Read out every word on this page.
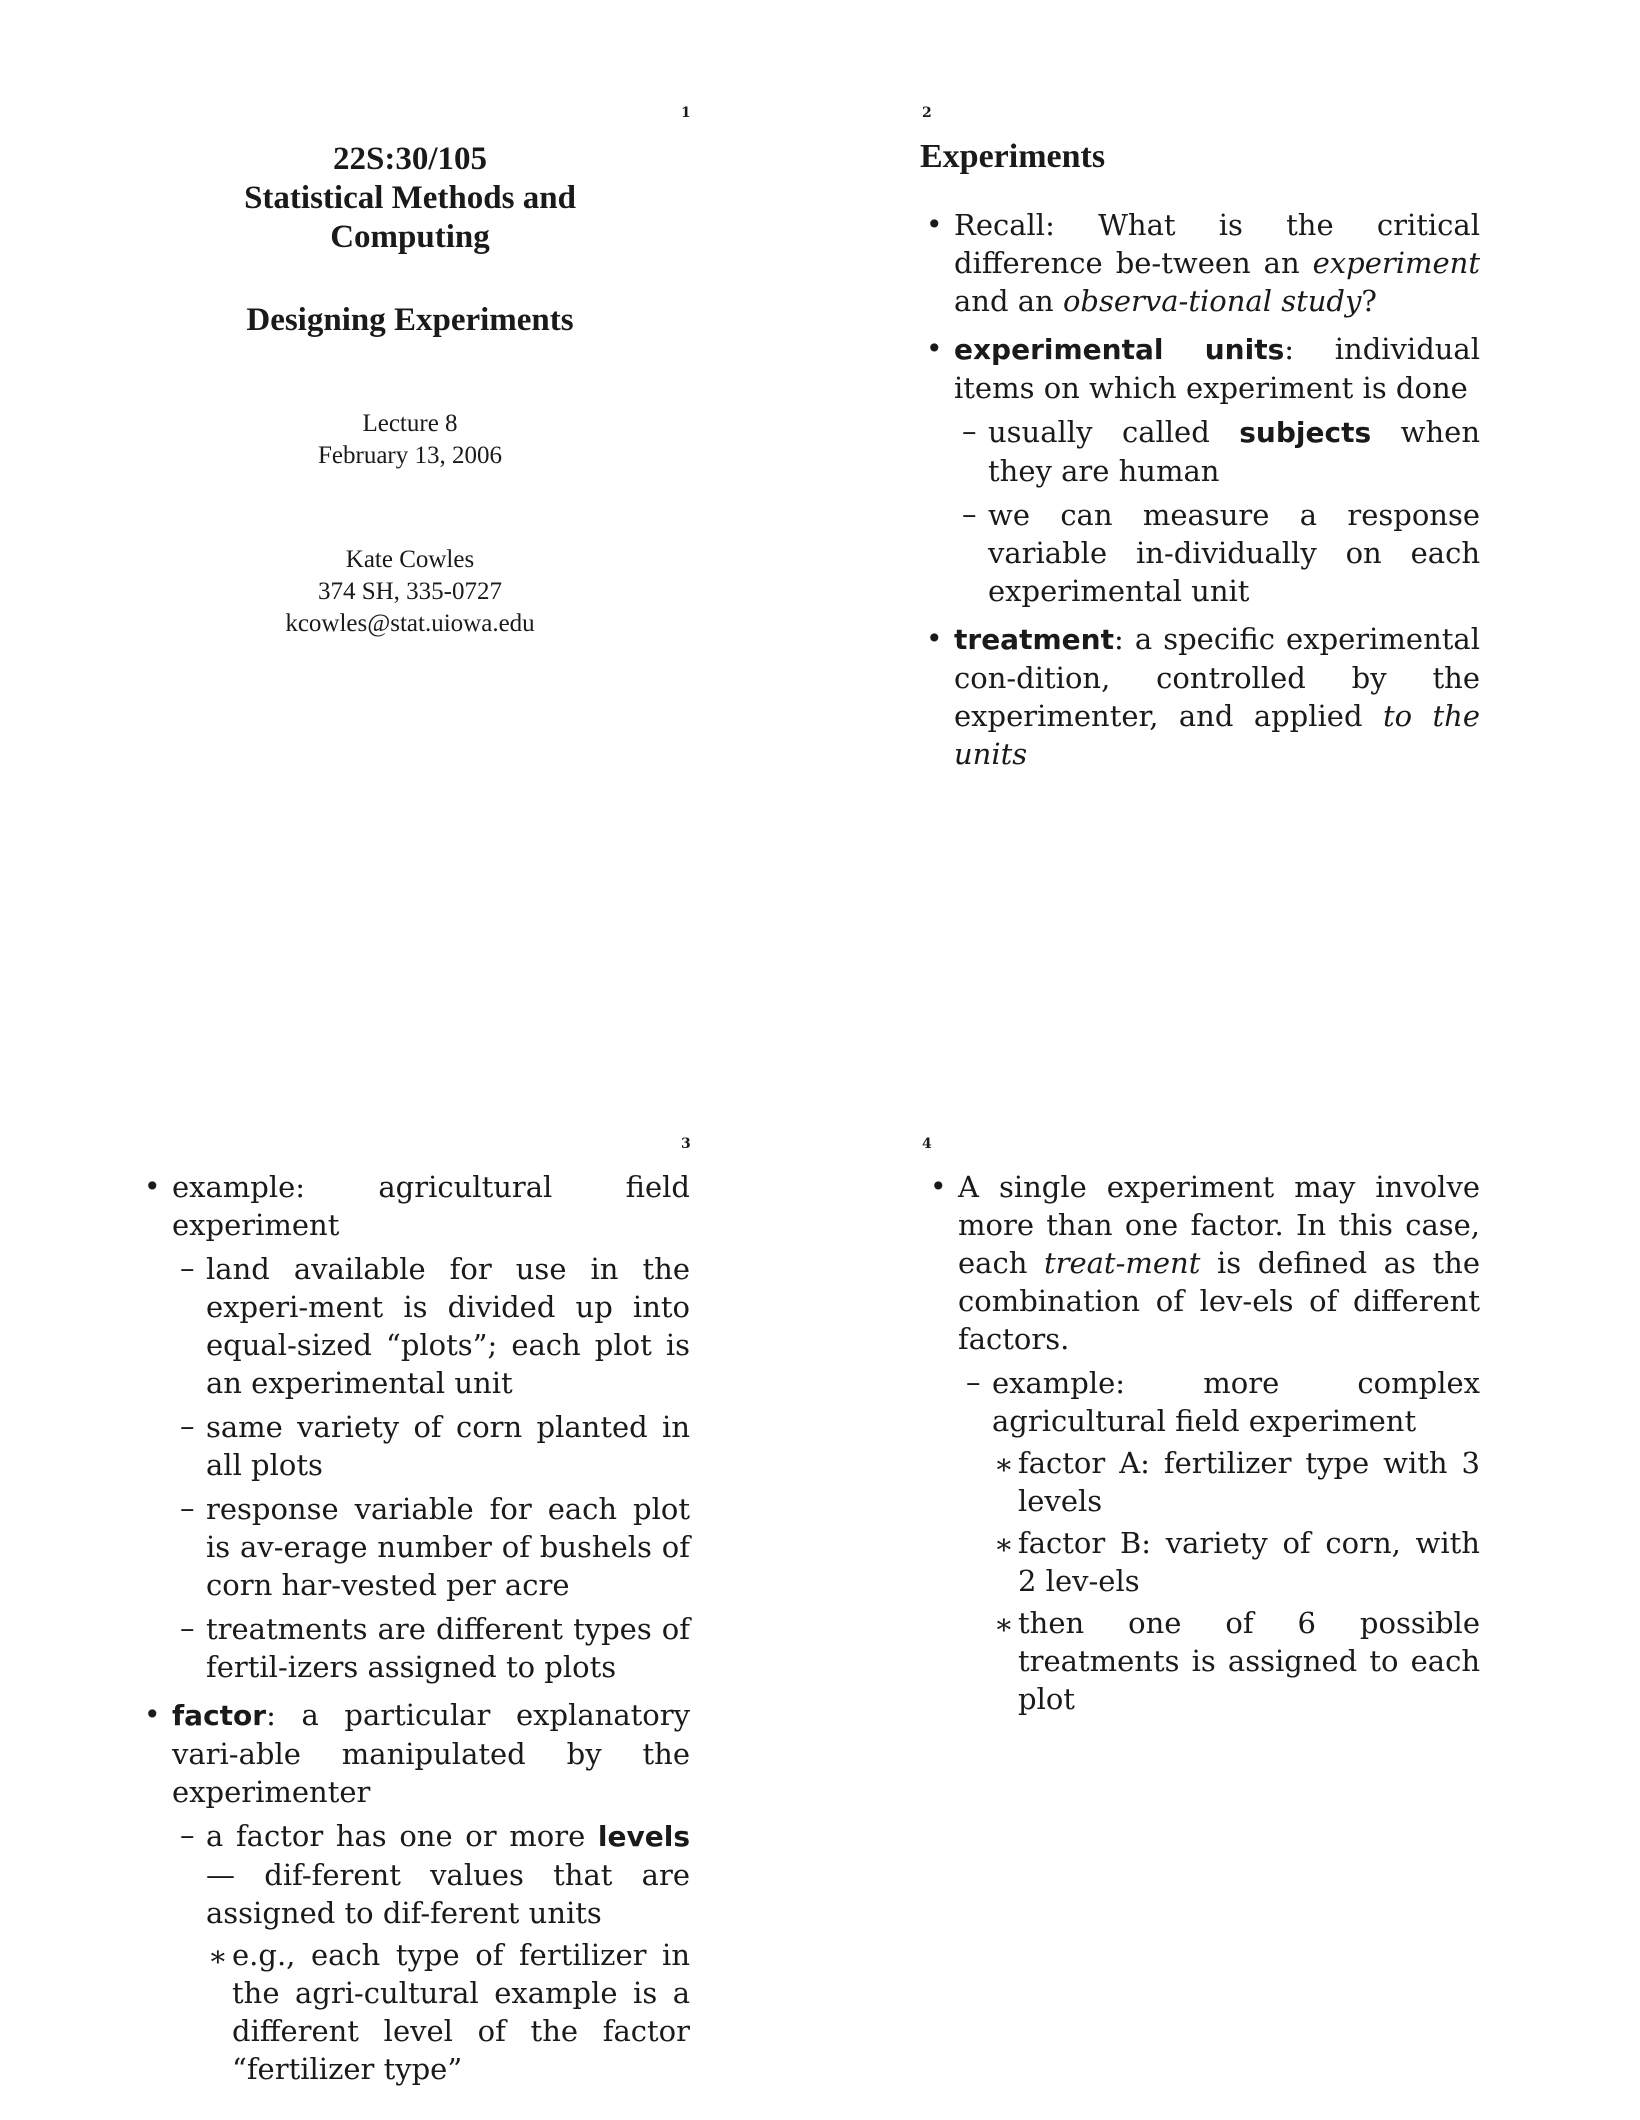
1	2
3	4
22S:30/105
Statistical Methods and
Computing
Designing Experiments
Lecture 8
February 13, 2006
Kate Cowles
374 SH, 335-0727
kcowles@stat.uiowa.edu
Experiments
• Recall: What is the critical difference be-tween an experiment and an observa-tional study?
• experimental units: individual items on which experiment is done
– usually called subjects when they are human
– we can measure a response variable in-dividually on each experimental unit
• treatment: a specific experimental con-dition, controlled by the experimenter, and applied to the units
• example: agricultural field experiment
– land available for use in the experi-ment is divided up into equal-sized “plots”; each plot is an experimental unit
– same variety of corn planted in all plots
– response variable for each plot is av-erage number of bushels of corn har-vested per acre
– treatments are different types of fertil-izers assigned to plots
• factor: a particular explanatory vari-able manipulated by the experimenter
– a factor has one or more levels — dif-ferent values that are assigned to dif-ferent units
∗ e.g., each type of fertilizer in the agri-cultural example is a different level of the factor “fertilizer type”
• A single experiment may involve more than one factor. In this case, each treat-ment is defined as the combination of lev-els of different factors.
– example: more complex agricultural field experiment
∗ factor A: fertilizer type with 3 levels
∗ factor B: variety of corn, with 2 lev-els
∗ then one of 6 possible treatments is assigned to each plot
